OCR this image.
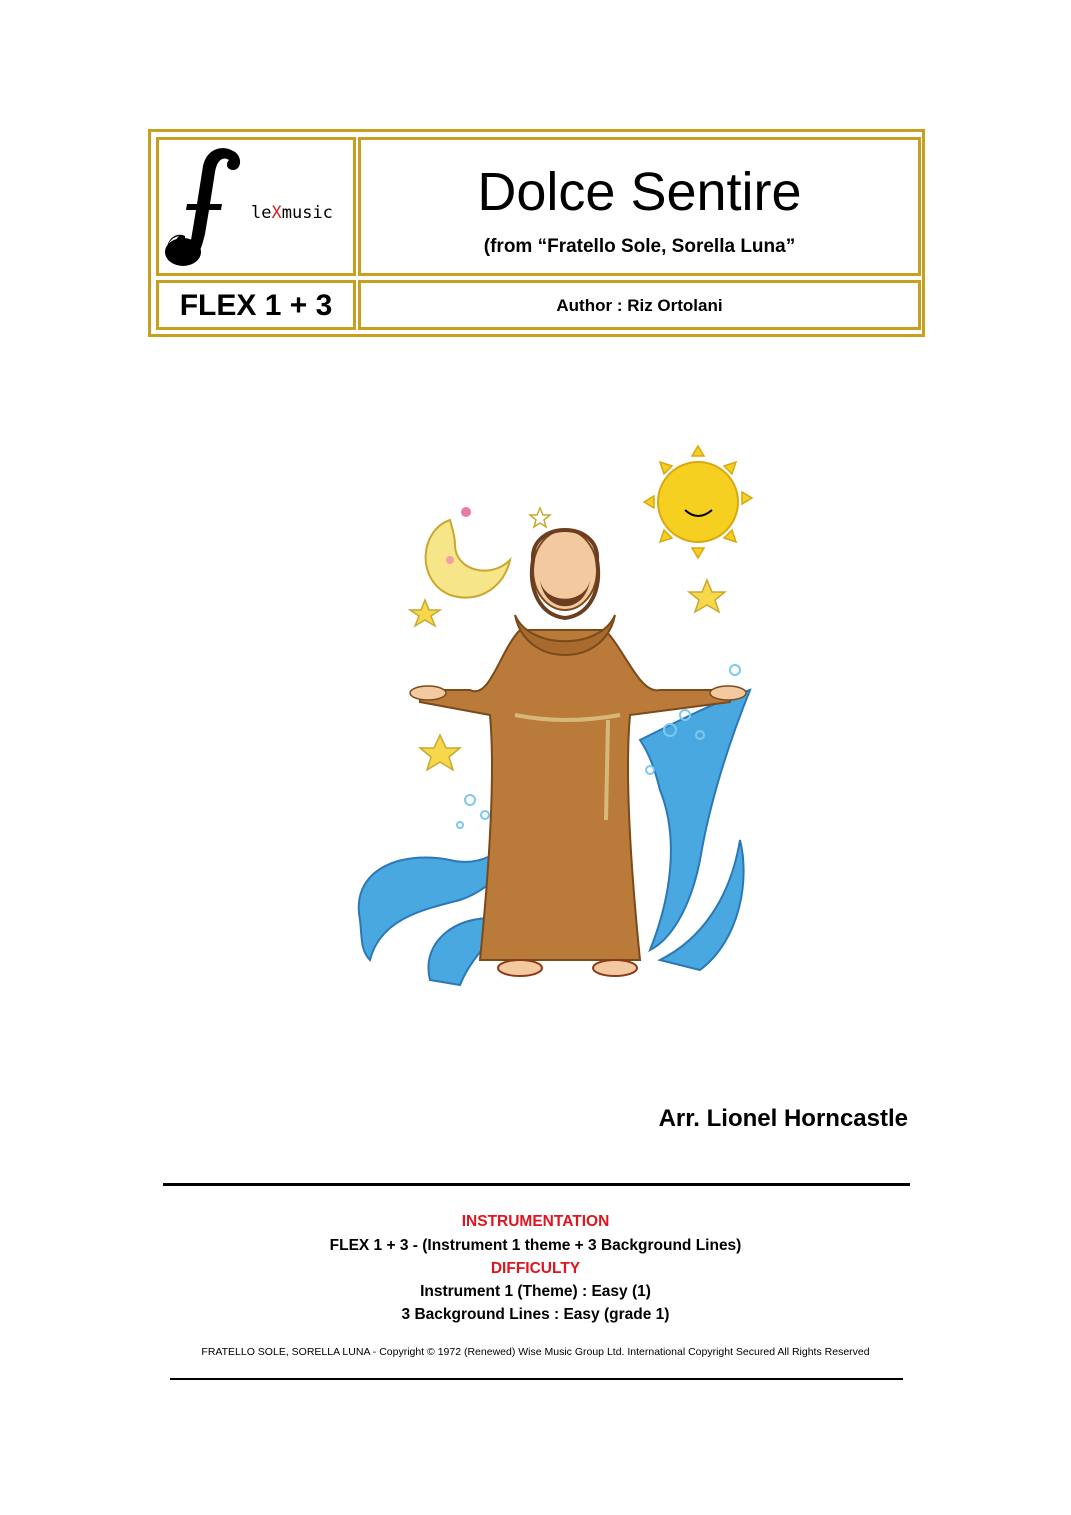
leXmusic	Dolce Sentire
(from “Fratello Sole, Sorella Luna”
FLEX 1 + 3	Author : Riz Ortolani
Arr. Lionel Horncastle
INSTRUMENTATION
FLEX 1 + 3 - (Instrument 1 theme + 3 Background Lines)
DIFFICULTY
Instrument 1 (Theme) : Easy (1)
3 Background Lines : Easy (grade 1)
FRATELLO SOLE, SORELLA LUNA - Copyright © 1972 (Renewed) Wise Music Group Ltd. International Copyright Secured All Rights Reserved
